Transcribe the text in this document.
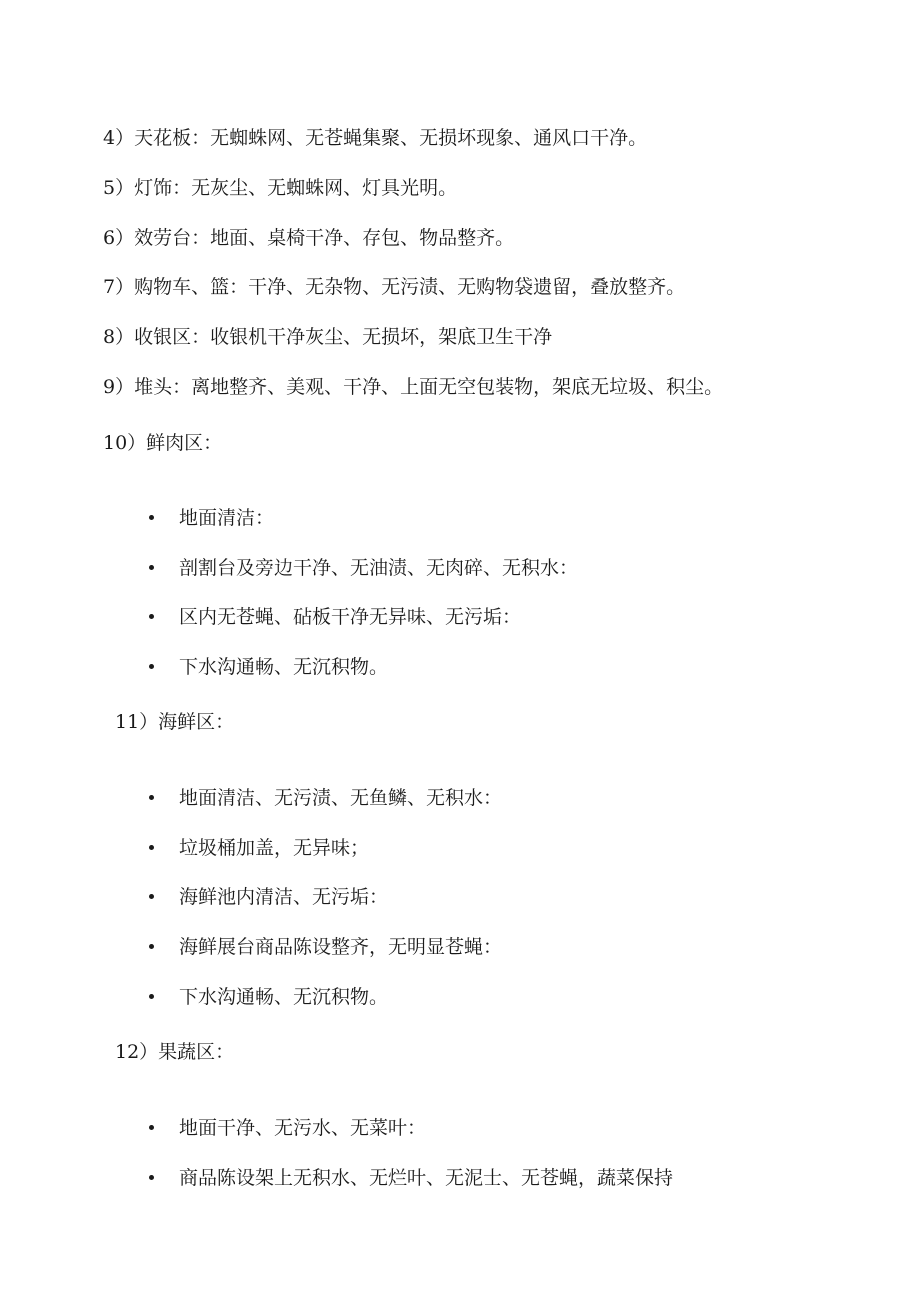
4）天花板：无蜘蛛网、无苍蝇集聚、无损坏现象、通风口干净。
5）灯饰：无灰尘、无蜘蛛网、灯具光明。
6）效劳台：地面、桌椅干净、存包、物品整齐。
7）购物车、篮：干净、无杂物、无污渍、无购物袋遗留，叠放整齐。
8）收银区：收银机干净灰尘、无损坏，架底卫生干净
9）堆头：离地整齐、美观、干净、上面无空包装物，架底无垃圾、积尘。
10）鲜肉区：
地面清洁：
剖割台及旁边干净、无油渍、无肉碎、无积水：
区内无苍蝇、砧板干净无异味、无污垢：
下水沟通畅、无沉积物。
11）海鲜区：
地面清洁、无污渍、无鱼鳞、无积水：
垃圾桶加盖，无异味；
海鲜池内清洁、无污垢：
海鲜展台商品陈设整齐，无明显苍蝇：
下水沟通畅、无沉积物。
12）果蔬区：
地面干净、无污水、无菜叶：
商品陈设架上无积水、无烂叶、无泥士、无苍蝇，蔬菜保持
